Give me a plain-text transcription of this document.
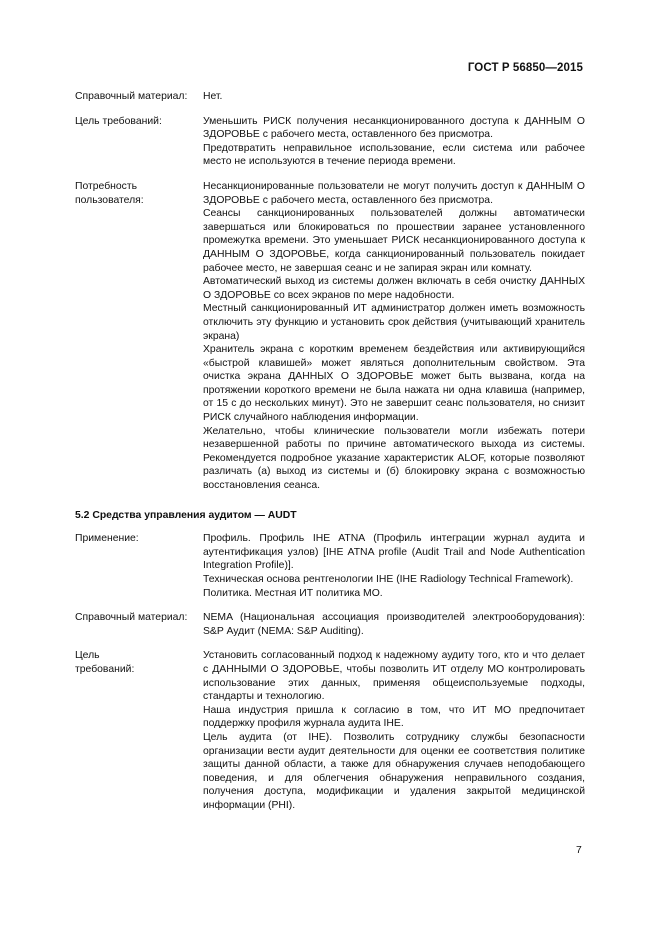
ГОСТ Р 56850—2015
Справочный материал:	Нет.

Цель требований:	Уменьшить РИСК получения несанкционированного доступа к ДАННЫМ О ЗДОРОВЬЕ с рабочего места, оставленного без присмотра.

Предотвратить неправильное использование, если система или рабочее место не используются в течение периода времени.

Потребность
пользователя:

Несанкционированные пользователи не могут получить доступ к ДАННЫМ О ЗДОРОВЬЕ с рабочего места, оставленного без присмотра.

Сеансы санкционированных пользователей должны автоматически завершаться или блокироваться по прошествии заранее установленного промежутка времени. Это уменьшает РИСК несанкционированного доступа к ДАННЫМ О ЗДОРОВЬЕ, когда санкционированный пользователь покидает рабочее место, не завершая сеанс и не запирая экран или комнату.

Автоматический выход из системы должен включать в себя очистку ДАННЫХ О ЗДОРОВЬЕ со всех экранов по мере надобности.

Местный санкционированный ИТ администратор должен иметь возможность отключить эту функцию и установить срок действия (учитывающий хранитель экрана)

Хранитель экрана с коротким временем бездействия или активирующийся «быстрой клавишей» может являться дополнительным свойством. Эта очистка экрана ДАННЫХ О ЗДОРОВЬЕ может быть вызвана, когда на протяжении короткого времени не была нажата ни одна клавиша (например, от 15 с до нескольких минут). Это не завершит сеанс пользователя, но снизит РИСК случайного наблюдения информации.

Желательно, чтобы клинические пользователи могли избежать потери незавершенной работы по причине автоматического выхода из системы. Рекомендуется подробное указание характеристик ALOF, которые позволяют различать (а) выход из системы и (б) блокировку экрана с возможностью восстановления сеанса.

5.2 Средства управления аудитом — AUDT
Применение:	Профиль. Профиль IHE ATNA (Профиль интеграции журнал аудита и аутентификация узлов) [IHE ATNA profile (Audit Trail and Node Authentication Integration Profile)].

Техническая основа рентгенологии IHE (IHE Radiology Technical Framework).

Политика. Местная ИТ политика МО.

Справочный материал:	NEMA (Национальная ассоциация производителей электрооборудования): S&P Аудит (NEMA: S&P Auditing).

Цель
требований:

Установить согласованный подход к надежному аудиту того, кто и что делает с ДАННЫМИ О ЗДОРОВЬЕ, чтобы позволить ИТ отделу МО контролировать использование этих данных, применяя общеиспользуемые подходы, стандарты и технологию.

Наша индустрия пришла к согласию в том, что ИТ МО предпочитает поддержку профиля журнала аудита IHE.

Цель аудита (от IHE). Позволить сотруднику службы безопасности организации вести аудит деятельности для оценки ее соответствия политике защиты данной области, а также для обнаружения случаев неподобающего поведения, и для облегчения обнаружения неправильного создания, получения доступа, модификации и удаления закрытой медицинской информации (PHI).

7
